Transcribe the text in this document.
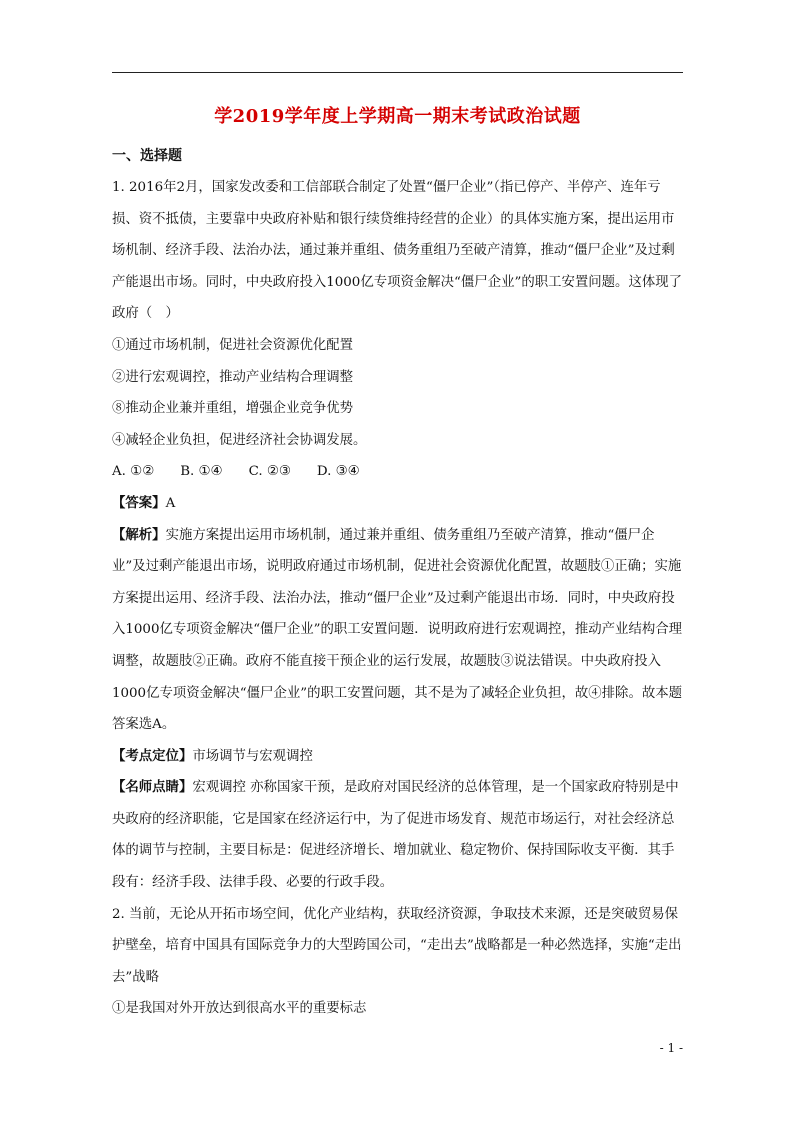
学2019学年度上学期高一期末考试政治试题
一、选择题

1. 2016年2月，国家发改委和工信部联合制定了处置“僵尸企业”（指已停产、半停产、连年亏损、资不抵债，主要靠中央政府补贴和银行续贷维持经营的企业）的具体实施方案，提出运用市场机制、经济手段、法治办法，通过兼并重组、债务重组乃至破产清算，推动“僵尸企业”及过剩产能退出市场。同时，中央政府投入1000亿专项资金解决“僵尸企业”的职工安置问题。这体现了政府（　）

①通过市场机制，促进社会资源优化配置

②进行宏观调控，推动产业结构合理调整

⑧推动企业兼并重组，增强企业竞争优势

④减轻企业负担，促进经济社会协调发展。

A. ①② B. ①④ C. ②③ D. ③④

【答案】A

【解析】实施方案提出运用市场机制，通过兼并重组、债务重组乃至破产清算，推动“僵尸企业”及过剩产能退出市场，说明政府通过市场机制，促进社会资源优化配置，故题肢①正确；实施方案提出运用、经济手段、法治办法，推动“僵尸企业”及过剩产能退出市场．同时，中央政府投入1000亿专项资金解决“僵尸企业”的职工安置问题．说明政府进行宏观调控，推动产业结构合理调整，故题肢②正确。政府不能直接干预企业的运行发展，故题肢③说法错误。中央政府投入1000亿专项资金解决“僵尸企业”的职工安置问题，其不是为了减轻企业负担，故④排除。故本题答案选A。

【考点定位】市场调节与宏观调控

【名师点睛】宏观调控 亦称国家干预，是政府对国民经济的总体管理，是一个国家政府特别是中央政府的经济职能，它是国家在经济运行中，为了促进市场发育、规范市场运行，对社会经济总体的调节与控制，主要目标是：促进经济增长、增加就业、稳定物价、保持国际收支平衡．其手段有：经济手段、法律手段、必要的行政手段。

2. 当前，无论从开拓市场空间，优化产业结构，获取经济资源，争取技术来源，还是突破贸易保护壁垒，培育中国具有国际竞争力的大型跨国公司，“走出去”战略都是一种必然选择，实施“走出去”战略

①是我国对外开放达到很高水平的重要标志

- 1 -
